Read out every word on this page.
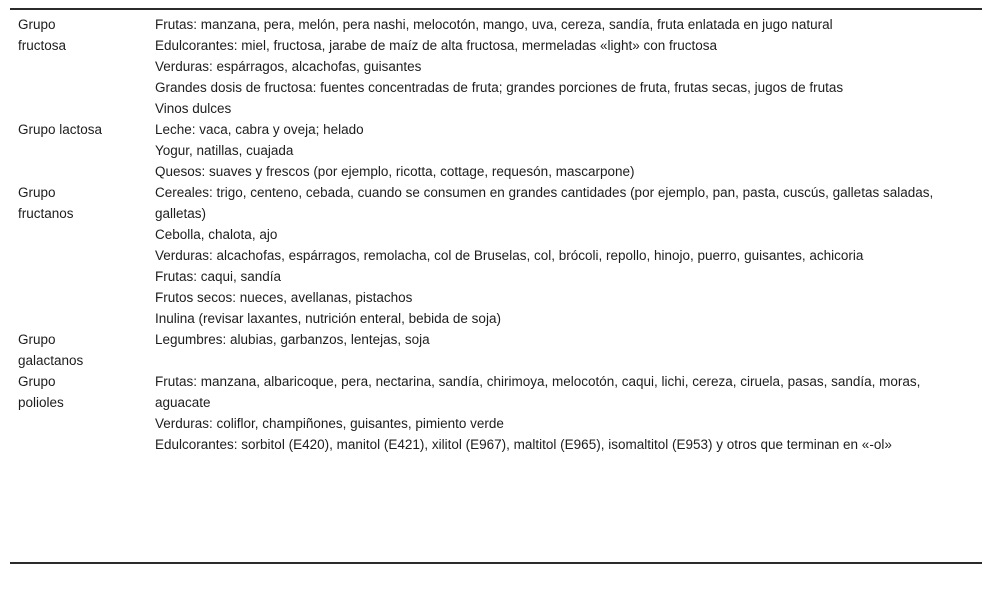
Grupo fructosa

Frutas: manzana, pera, melón, pera nashi, melocotón, mango, uva, cereza, sandía, fruta enlatada en jugo natural

Edulcorantes: miel, fructosa, jarabe de maíz de alta fructosa, mermeladas «light» con fructosa

Verduras: espárragos, alcachofas, guisantes

Grandes dosis de fructosa: fuentes concentradas de fruta; grandes porciones de fruta, frutas secas, jugos de frutas

Vinos dulces

Grupo lactosa	Leche: vaca, cabra y oveja; helado

Yogur, natillas, cuajada

Quesos: suaves y frescos (por ejemplo, ricotta, cottage, requesón, mascarpone)

Grupo fructanos

Cereales: trigo, centeno, cebada, cuando se consumen en grandes cantidades (por ejemplo, pan, pasta, cuscús, galletas saladas, galletas)

Cebolla, chalota, ajo

Verduras: alcachofas, espárragos, remolacha, col de Bruselas, col, brócoli, repollo, hinojo, puerro, guisantes, achicoria

Frutas: caqui, sandía

Frutos secos: nueces, avellanas, pistachos

Inulina (revisar laxantes, nutrición enteral, bebida de soja)

Grupo galactanos

Legumbres: alubias, garbanzos, lentejas, soja

Grupo polioles

Frutas: manzana, albaricoque, pera, nectarina, sandía, chirimoya, melocotón, caqui, lichi, cereza, ciruela, pasas, sandía, moras, aguacate

Verduras: coliflor, champiñones, guisantes, pimiento verde

Edulcorantes: sorbitol (E420), manitol (E421), xilitol (E967), maltitol (E965), isomaltitol (E953) y otros que terminan en «-ol»
